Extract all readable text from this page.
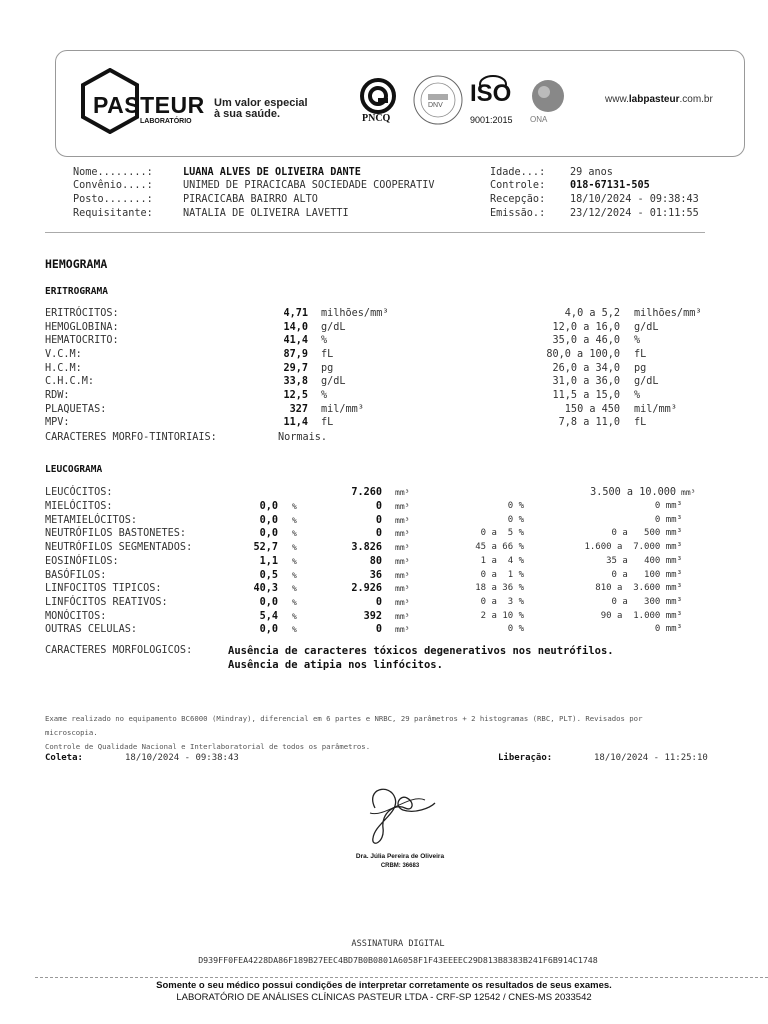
PASTEUR
LABORATÓRIO
Um valor especial
à sua saúde.	PNCQ
DNV ISO
9001:2015 ONA
www.labpasteur.com.br
Nome........:	LUANA ALVES DE OLIVEIRA DANTE
Convênio....:	UNIMED DE PIRACICABA SOCIEDADE COOPERATIV
Posto.......:	PIRACICABA BAIRRO ALTO
Requisitante:	NATALIA DE OLIVEIRA LAVETTI
Idade...: 29 anos
Controle: 018-67131-505
Recepção: 18/10/2024 - 09:38:43
Emissão.: 23/12/2024 - 01:11:55
HEMOGRAMA
ERITROGRAMA
ERITRÓCITOS:	4,71 milhões/mm³	4,0 a 5,2 milhões/mm³
HEMOGLOBINA:	14,0 g/dL	12,0 a 16,0 g/dL
HEMATOCRITO:	41,4 %	35,0 a 46,0 %
V.C.M:	87,9 fL	80,0 a 100,0 fL
H.C.M:	29,7 pg	26,0 a 34,0 pg
C.H.C.M:	33,8 g/dL	31,0 a 36,0 g/dL
RDW:	12,5 %	11,5 a 15,0 %
PLAQUETAS:	327 mil/mm³	150 a 450 mil/mm³
MPV:	11,4 fL	7,8 a 11,0 fL
CARACTERES MORFO-TINTORIAIS:	Normais.
LEUCOGRAMA
LEUCÓCITOS:	7.260 mm³	3.500 a 10.000 mm³
MIELÓCITOS:	0,0 %	0 mm³	0 %	0 mm³
METAMIELÓCITOS:	0,0 %	0 mm³	0 %	0 mm³
NEUTRÓFILOS BASTONETES:	0,0 %	0 mm³	0 a  5 %	0 a   500 mm³
NEUTRÓFILOS SEGMENTADOS:	52,7 %	3.826 mm³	45 a 66 %	1.600 a  7.000 mm³
EOSINÓFILOS:	1,1 %	80 mm³	1 a  4 %	35 a   400 mm³
BASÓFILOS:	0,5 %	36 mm³	0 a  1 %	0 a   100 mm³
LINFOCITOS TIPICOS:	40,3 %	2.926 mm³	18 a 36 %	810 a  3.600 mm³
LINFÓCITOS REATIVOS:	0,0 %	0 mm³	0 a  3 %	0 a   300 mm³
MONÓCITOS:	5,4 %	392 mm³	2 a 10 %	90 a  1.000 mm³
OUTRAS CELULAS:	0,0 %	0 mm³	0 %	0 mm³
CARACTERES MORFOLOGICOS:	Ausência de caracteres tóxicos degenerativos nos neutrófilos.
Ausência de atipia nos linfócitos.
Exame realizado no equipamento BC6000 (Mindray), diferencial em 6 partes e NRBC, 29 parâmetros + 2 histogramas (RBC, PLT). Revisados por
microscopia.
Controle de Qualidade Nacional e Interlaboratorial de todos os parâmetros.
Coleta:	18/10/2024 - 09:38:43	Liberação:	18/10/2024 - 11:25:10
Dra. Júlia Pereira de Oliveira
CRBM: 36683
ASSINATURA DIGITAL
D939FF0FEA4228DA86F189B27EEC4BD7B0B0801A6058F1F43EEEEC29D813B8383B241F6B914C1748
Somente o seu médico possui condições de interpretar corretamente os resultados de seus exames.
LABORATÓRIO DE ANÁLISES CLÍNICAS PASTEUR LTDA - CRF-SP 12542 / CNES-MS 2033542
